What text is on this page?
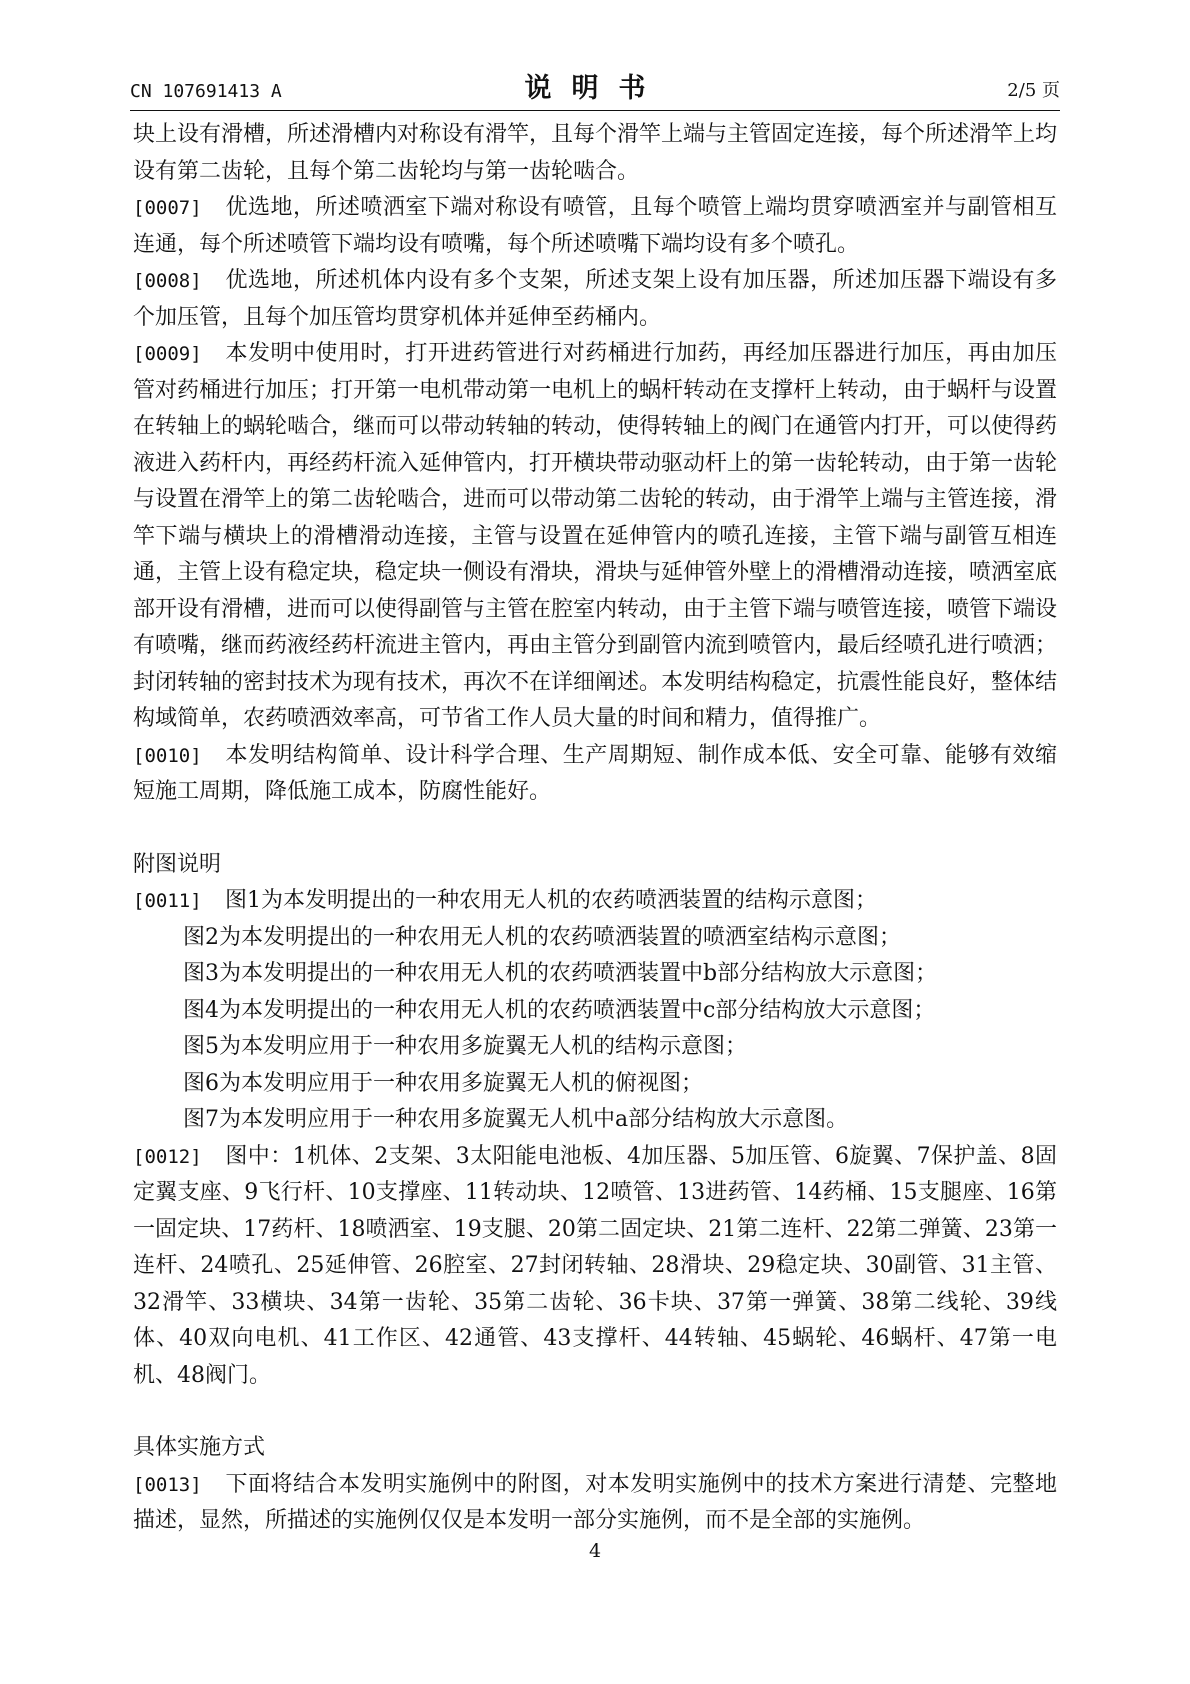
CN 107691413 A	说明书	2/5 页

块上设有滑槽，所述滑槽内对称设有滑竿，且每个滑竿上端与主管固定连接，每个所述滑竿上均设有第二齿轮，且每个第二齿轮均与第一齿轮啮合。

[0007] 优选地，所述喷洒室下端对称设有喷管，且每个喷管上端均贯穿喷洒室并与副管相互连通，每个所述喷管下端均设有喷嘴，每个所述喷嘴下端均设有多个喷孔。

[0008] 优选地，所述机体内设有多个支架，所述支架上设有加压器，所述加压器下端设有多个加压管，且每个加压管均贯穿机体并延伸至药桶内。

[0009] 本发明中使用时，打开进药管进行对药桶进行加药，再经加压器进行加压，再由加压管对药桶进行加压；打开第一电机带动第一电机上的蜗杆转动在支撑杆上转动，由于蜗杆与设置在转轴上的蜗轮啮合，继而可以带动转轴的转动，使得转轴上的阀门在通管内打开，可以使得药液进入药杆内，再经药杆流入延伸管内，打开横块带动驱动杆上的第一齿轮转动，由于第一齿轮与设置在滑竿上的第二齿轮啮合，进而可以带动第二齿轮的转动，由于滑竿上端与主管连接，滑竿下端与横块上的滑槽滑动连接，主管与设置在延伸管内的喷孔连接，主管下端与副管互相连通，主管上设有稳定块，稳定块一侧设有滑块，滑块与延伸管外壁上的滑槽滑动连接，喷洒室底部开设有滑槽，进而可以使得副管与主管在腔室内转动，由于主管下端与喷管连接，喷管下端设有喷嘴，继而药液经药杆流进主管内，再由主管分到副管内流到喷管内，最后经喷孔进行喷洒；封闭转轴的密封技术为现有技术，再次不在详细阐述。本发明结构稳定，抗震性能良好，整体结构域简单，农药喷洒效率高，可节省工作人员大量的时间和精力，值得推广。

[0010] 本发明结构简单、设计科学合理、生产周期短、制作成本低、安全可靠、能够有效缩短施工周期，降低施工成本，防腐性能好。

附图说明

[0011] 图1为本发明提出的一种农用无人机的农药喷洒装置的结构示意图；

图2为本发明提出的一种农用无人机的农药喷洒装置的喷洒室结构示意图；

图3为本发明提出的一种农用无人机的农药喷洒装置中b部分结构放大示意图；

图4为本发明提出的一种农用无人机的农药喷洒装置中c部分结构放大示意图；

图5为本发明应用于一种农用多旋翼无人机的结构示意图；

图6为本发明应用于一种农用多旋翼无人机的俯视图；

图7为本发明应用于一种农用多旋翼无人机中a部分结构放大示意图。

[0012] 图中：1机体、2支架、3太阳能电池板、4加压器、5加压管、6旋翼、7保护盖、8固定翼支座、9飞行杆、10支撑座、11转动块、12喷管、13进药管、14药桶、15支腿座、16第一固定块、17药杆、18喷洒室、19支腿、20第二固定块、21第二连杆、22第二弹簧、23第一连杆、24喷孔、25延伸管、26腔室、27封闭转轴、28滑块、29稳定块、30副管、31主管、32滑竿、33横块、34第一齿轮、35第二齿轮、36卡块、37第一弹簧、38第二线轮、39线体、40双向电机、41工作区、42通管、43支撑杆、44转轴、45蜗轮、46蜗杆、47第一电机、48阀门。

具体实施方式

[0013] 下面将结合本发明实施例中的附图，对本发明实施例中的技术方案进行清楚、完整地描述，显然，所描述的实施例仅仅是本发明一部分实施例，而不是全部的实施例。

4
